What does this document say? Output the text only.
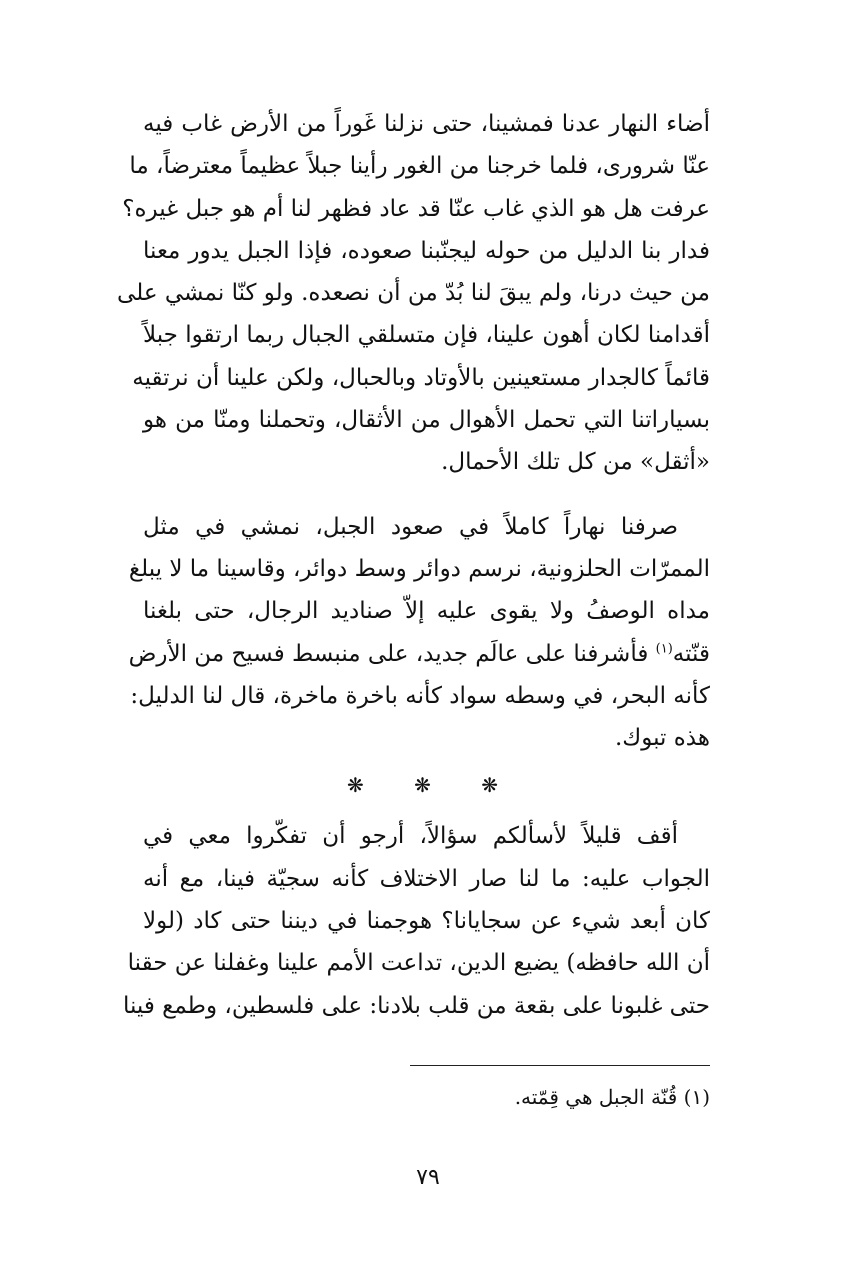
أضاء النهار عدنا فمشينا، حتى نزلنا غَوراً من الأرض غاب فيه
عنّا شرورى، فلما خرجنا من الغور رأينا جبلاً عظيماً معترضاً، ما
عرفت هل هو الذي غاب عنّا قد عاد فظهر لنا أم هو جبل غيره؟
فدار بنا الدليل من حوله ليجنّبنا صعوده، فإذا الجبل يدور معنا
من حيث درنا، ولم يبقَ لنا بُدّ من أن نصعده. ولو كنّا نمشي على
أقدامنا لكان أهون علينا، فإن متسلقي الجبال ربما ارتقوا جبلاً
قائماً كالجدار مستعينين بالأوتاد وبالحبال، ولكن علينا أن نرتقيه
بسياراتنا التي تحمل الأهوال من الأثقال، وتحملنا ومنّا من هو
«أثقل» من كل تلك الأحمال.
صرفنا نهاراً كاملاً في صعود الجبل، نمشي في مثل
الممرّات الحلزونية، نرسم دوائر وسط دوائر، وقاسينا ما لا يبلغ
مداه الوصفُ ولا يقوى عليه إلاّ صناديد الرجال، حتى بلغنا
قنّته$^{(١)}$ فأشرفنا على عالَم جديد، على منبسط فسيح من الأرض
كأنه البحر، في وسطه سواد كأنه باخرة ماخرة، قال لنا الدليل:
هذه تبوك.
❋ ❋ ❋
أقف قليلاً لأسألكم سؤالاً، أرجو أن تفكّروا معي في
الجواب عليه: ما لنا صار الاختلاف كأنه سجيّة فينا، مع أنه
كان أبعد شيء عن سجايانا؟ هوجمنا في ديننا حتى كاد (لولا
أن الله حافظه) يضيع الدين، تداعت الأمم علينا وغفلنا عن حقنا
حتى غلبونا على بقعة من قلب بلادنا: على فلسطين، وطمع فينا
(١) قُنّة الجبل هي قِمّته.
٧٩
